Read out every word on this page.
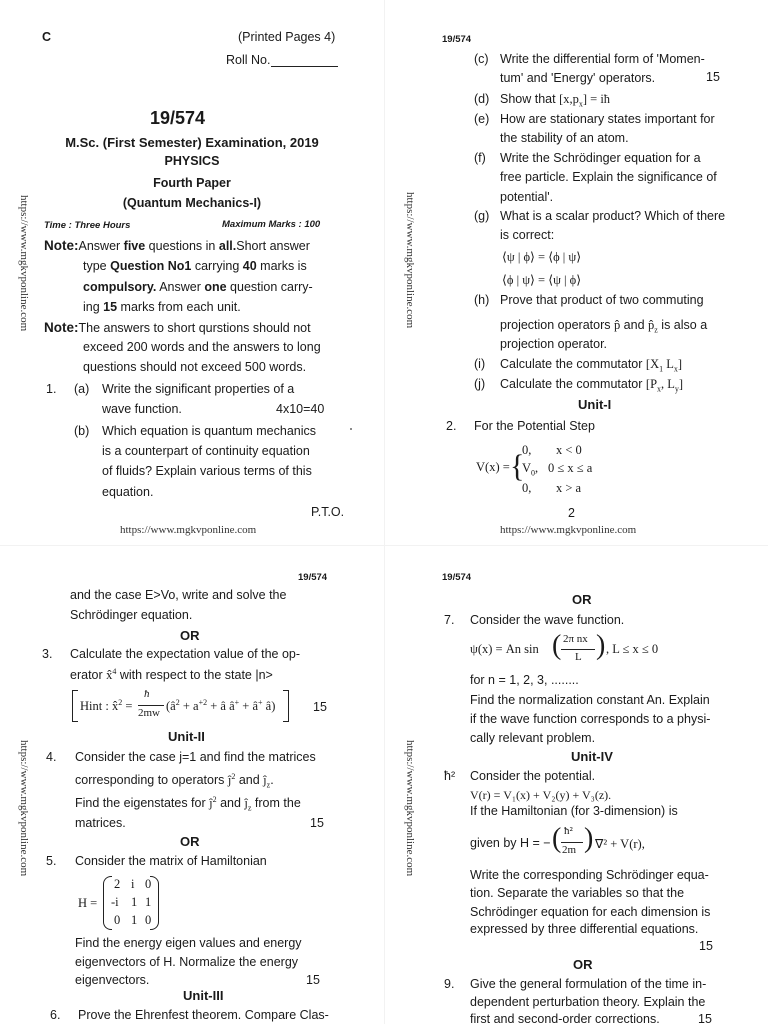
C	(Printed Pages 4)
Roll No.
19/574
M.Sc. (First Semester) Examination, 2019
PHYSICS
Fourth Paper
(Quantum Mechanics-I)
Time : Three Hours	Maximum Marks : 100
Note:Answer five questions in all.Short answer
type Question No1 carrying 40 marks is
compulsory. Answer one question carry-
ing 15 marks from each unit.
Note:The answers to short qurstions should not
exceed 200 words and the answers to long
questions should not exceed 500 words.
1. (a) Write the significant properties of a
wave function.	4x10=40
(b) Which equation is quantum mechanics
is a counterpart of continuity equation
of fluids? Explain various terms of this
equation.
P.T.O.
https://www.mgkvponline.com
https://www.mgkvponline.com
19/574
(c) Write the differential form of 'Momen-
tum' and 'Energy' operators.	15
(d) Show that $[x,p_x]$ = iħ
(e) How are stationary states important for
the stability of an atom.
(f) Write the Schrödinger equation for a
free particle. Explain the significance of
potential'.
(g) What is a scalar product? Which of there
is correct:
⟨ψ | ϕ⟩ = ⟨ϕ | ψ⟩
⟨ϕ | ψ⟩ = ⟨ψ | ϕ⟩
(h) Prove that product of two commuting
projection operators p̂ and $p̂_z$ is also a
projection operator.
(i) Calculate the commutator [$X_1$ $L_x$]
(j) Calculate the commutator [$P_x$, $L_y$]
Unit-I
2. For the Potential Step
V(x) = {
0, x < 0
$V_0$, 0 ≤ x ≤ a
0, x > a
2
https://www.mgkvponline.com
https://www.mgkvponline.com
19/574
and the case E>Vo, write and solve the
Schrödinger equation.
OR
3. Calculate the expectation value of the op-
erator x̂$^4$ with respect to the state |n>
Hint : x̂$^2$ =
ħ
2mw ($â^2 + a^{+2}$ + â â+ + â+ â)	15
Unit-II
4. Consider the case j=1 and find the matrices
corresponding to operators $ĵ^2$ and $ĵ_z$.
Find the eigenstates for $ĵ^2$ and $ĵ_z$ from the
matrices.	15
OR
5. Consider the matrix of Hamiltonian
H =
2 i 0
-i 1 1
0 1 0
Find the energy eigen values and energy
eigenvectors of H. Normalize the energy
eigenvectors.	15
Unit-III
6. Prove the Ehrenfest theorem. Compare Clas-
https://www.mgkvponline.com
19/574
OR
7. Consider the wave function.
ψ(x) = An sin ( 2π nx
L ) , L ≤ x ≤ 0
for n = 1, 2, 3, ........
Find the normalization constant An. Explain
if the wave function corresponds to a physi-
cally relevant problem.
Unit-IV
ħ² Consider the potential.
V(r) = V₁(x) + V₂(y) + V₃(z).
If the Hamiltonian (for 3-dimension) is
given by H = − ( ħ²
2m ) ∇² + V(r),
Write the corresponding Schrödinger equa-
tion. Separate the variables so that the
Schrödinger equation for each dimension is
expressed by three differential equations.
15
OR
9. Give the general formulation of the time in-
dependent perturbation theory. Explain the
first and second-order corrections.	15
https://www.mgkvponline.com
